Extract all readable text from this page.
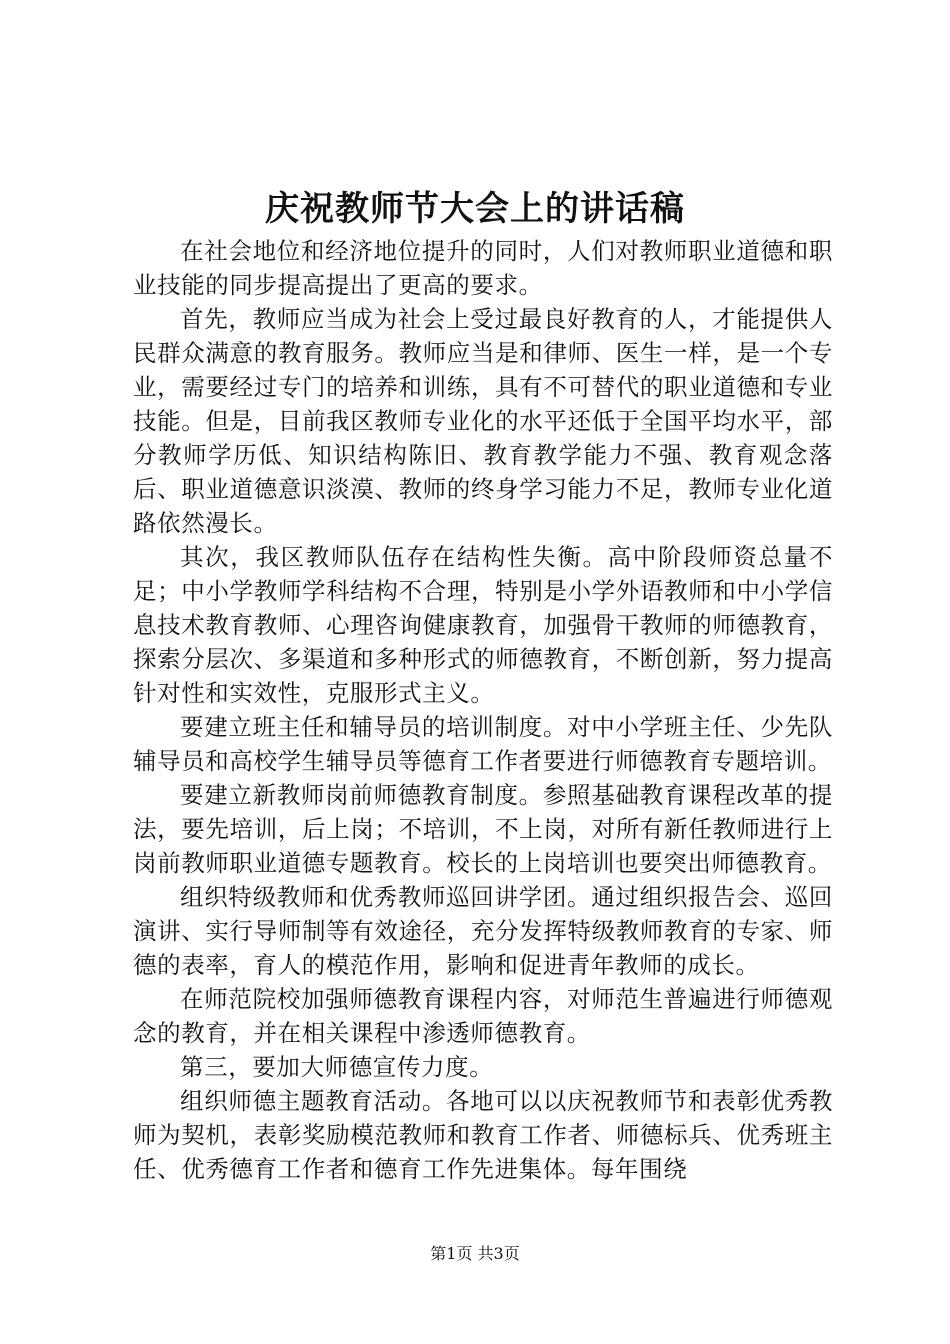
庆祝教师节大会上的讲话稿

在社会地位和经济地位提升的同时，人们对教师职业道德和职业技能的同步提高提出了更高的要求。

首先，教师应当成为社会上受过最良好教育的人，才能提供人民群众满意的教育服务。教师应当是和律师、医生一样，是一个专业，需要经过专门的培养和训练，具有不可替代的职业道德和专业技能。但是，目前我区教师专业化的水平还低于全国平均水平，部分教师学历低、知识结构陈旧、教育教学能力不强、教育观念落后、职业道德意识淡漠、教师的终身学习能力不足，教师专业化道路依然漫长。

其次，我区教师队伍存在结构性失衡。高中阶段师资总量不足；中小学教师学科结构不合理，特别是小学外语教师和中小学信息技术教育教师、心理咨询健康教育，加强骨干教师的师德教育，探索分层次、多渠道和多种形式的师德教育，不断创新，努力提高针对性和实效性，克服形式主义。

要建立班主任和辅导员的培训制度。对中小学班主任、少先队辅导员和高校学生辅导员等德育工作者要进行师德教育专题培训。

要建立新教师岗前师德教育制度。参照基础教育课程改革的提法，要先培训，后上岗；不培训，不上岗，对所有新任教师进行上岗前教师职业道德专题教育。校长的上岗培训也要突出师德教育。

组织特级教师和优秀教师巡回讲学团。通过组织报告会、巡回演讲、实行导师制等有效途径，充分发挥特级教师教育的专家、师德的表率，育人的模范作用，影响和促进青年教师的成长。

在师范院校加强师德教育课程内容，对师范生普遍进行师德观念的教育，并在相关课程中渗透师德教育。

第三，要加大师德宣传力度。

组织师德主题教育活动。各地可以以庆祝教师节和表彰优秀教师为契机，表彰奖励模范教师和教育工作者、师德标兵、优秀班主任、优秀德育工作者和德育工作先进集体。每年围绕

第1页 共3页
